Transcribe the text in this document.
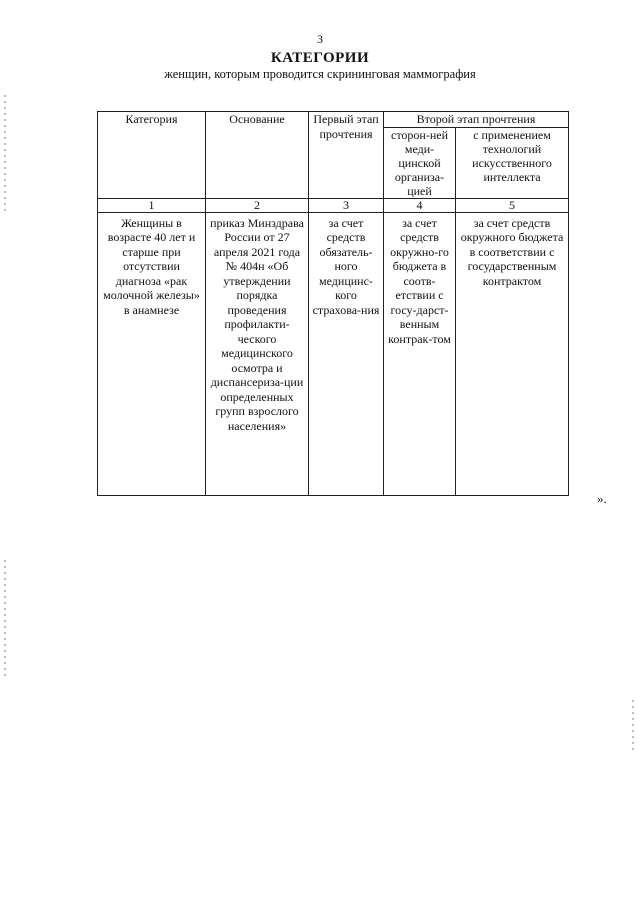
3
КАТЕГОРИИ
женщин, которым проводится скрининговая маммография
Категория	Основание	Первый этап прочтения	Второй этап прочтения	
			сторон-ней меди-цинской организа-цией	с применением технологий искусственного интеллекта
1	2	3	4	5
Женщины в возрасте 40 лет и старше при отсутствии диагноза «рак молочной железы» в анамнезе	приказ Минздрава России от 27 апреля 2021 года № 404н «Об утверждении порядка проведения профилакти-ческого медицинского осмотра и диспансериза-ции определенных групп взрослого населения»	за счет средств обязатель-ного медицинс-кого страхова-ния	за счет средств окружно-го бюджета в соотв-етствии с госу-дарст-венным контрак-том	за счет средств окружного бюджета в соответствии с государственным контрактом
».
